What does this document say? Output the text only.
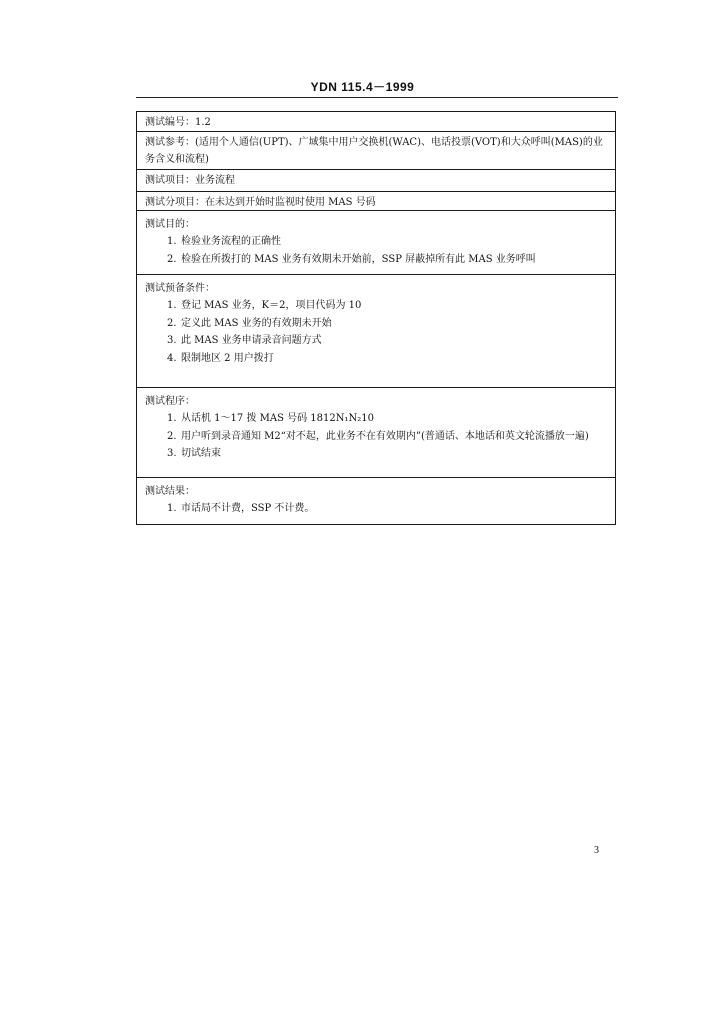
YDN 115.4－1999
测试编号：1.2
测试参考：(适用个人通信(UPT)、广域集中用户交换机(WAC)、电话投票(VOT)和大众呼叫(MAS)的业务含义和流程)
测试项目：业务流程
测试分项目：在未达到开始时监视时使用 MAS 号码
测试目的：
1. 检验业务流程的正确性
2. 检验在所拨打的 MAS 业务有效期未开始前，SSP 屏蔽掉所有此 MAS 业务呼叫
测试预备条件：
1. 登记 MAS 业务，K＝2，项目代码为 10
2. 定义此 MAS 业务的有效期未开始
3. 此 MAS 业务申请录音问题方式
4. 限制地区 2 用户拨打
测试程序：
1. 从话机 1～17 拨 MAS 号码 1812N₁N₂10
2. 用户听到录音通知 M2“对不起，此业务不在有效期内”(普通话、本地话和英文轮流播放一遍)
3. 切试结束
测试结果：
1. 市话局不计费，SSP 不计费。
3
